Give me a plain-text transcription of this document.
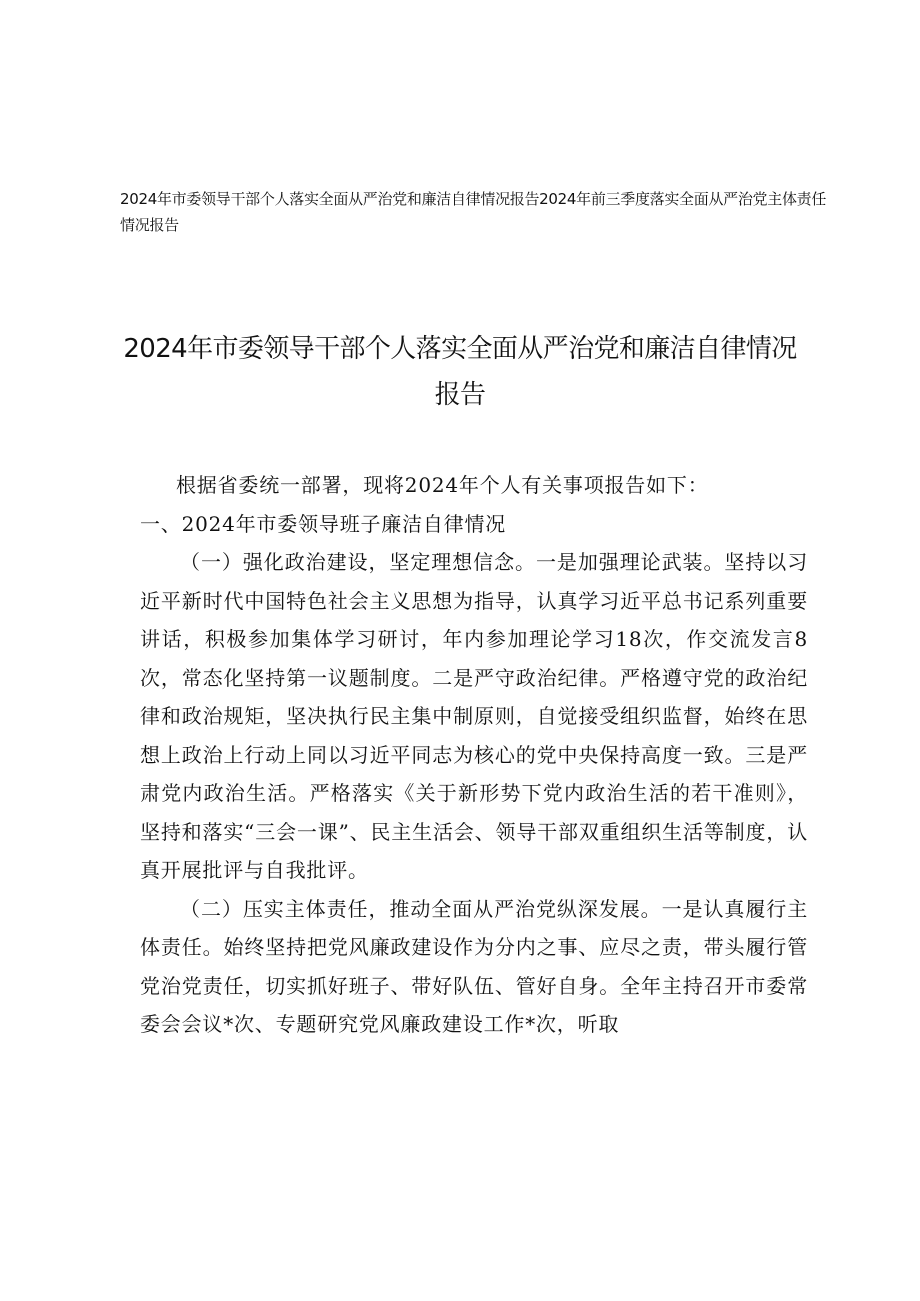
2024年市委领导干部个人落实全面从严治党和廉洁自律情况报告2024年前三季度落实全面从严治党主体责任情况报告
2024年市委领导干部个人落实全面从严治党和廉洁自律情况报告

根据省委统一部署，现将2024年个人有关事项报告如下：

一、2024年市委领导班子廉洁自律情况

（一）强化政治建设，坚定理想信念。一是加强理论武装。坚持以习近平新时代中国特色社会主义思想为指导，认真学习近平总书记系列重要讲话，积极参加集体学习研讨，年内参加理论学习18次，作交流发言8次，常态化坚持第一议题制度。二是严守政治纪律。严格遵守党的政治纪律和政治规矩，坚决执行民主集中制原则，自觉接受组织监督，始终在思想上政治上行动上同以习近平同志为核心的党中央保持高度一致。三是严肃党内政治生活。严格落实《关于新形势下党内政治生活的若干准则》，坚持和落实“三会一课”、民主生活会、领导干部双重组织生活等制度，认真开展批评与自我批评。

（二）压实主体责任，推动全面从严治党纵深发展。一是认真履行主体责任。始终坚持把党风廉政建设作为分内之事、应尽之责，带头履行管党治党责任，切实抓好班子、带好队伍、管好自身。全年主持召开市委常委会会议*次、专题研究党风廉政建设工作*次，听取
